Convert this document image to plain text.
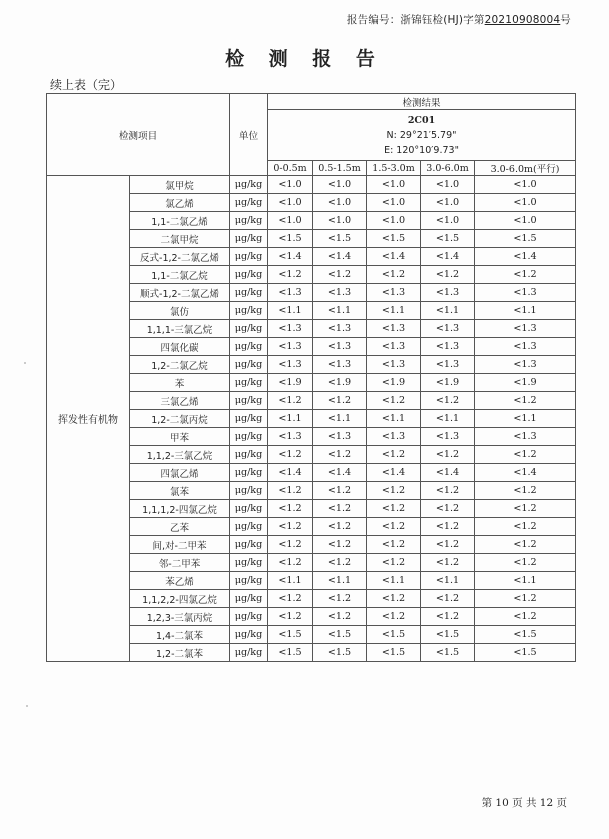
报告编号：浙锦钰检(HJ)字第20210908004号
检 测 报 告
续上表（完）
检测项目		单位	检测结果				
			2C01
N: 29°21′5.79"
E: 120°10′9.73"				
			0-0.5m	0.5-1.5m	1.5-3.0m	3.0-6.0m	3.0-6.0m(平行)
挥发性有机物	氯甲烷	μg/kg	<1.0	<1.0	<1.0	<1.0	<1.0
	氯乙烯	μg/kg	<1.0	<1.0	<1.0	<1.0	<1.0
	1,1-二氯乙烯	μg/kg	<1.0	<1.0	<1.0	<1.0	<1.0
	二氯甲烷	μg/kg	<1.5	<1.5	<1.5	<1.5	<1.5
	反式-1,2-二氯乙烯	μg/kg	<1.4	<1.4	<1.4	<1.4	<1.4
	1,1-二氯乙烷	μg/kg	<1.2	<1.2	<1.2	<1.2	<1.2
	顺式-1,2-二氯乙烯	μg/kg	<1.3	<1.3	<1.3	<1.3	<1.3
	氯仿	μg/kg	<1.1	<1.1	<1.1	<1.1	<1.1
	1,1,1-三氯乙烷	μg/kg	<1.3	<1.3	<1.3	<1.3	<1.3
	四氯化碳	μg/kg	<1.3	<1.3	<1.3	<1.3	<1.3
	1,2-二氯乙烷	μg/kg	<1.3	<1.3	<1.3	<1.3	<1.3
	苯	μg/kg	<1.9	<1.9	<1.9	<1.9	<1.9
	三氯乙烯	μg/kg	<1.2	<1.2	<1.2	<1.2	<1.2
	1,2-二氯丙烷	μg/kg	<1.1	<1.1	<1.1	<1.1	<1.1
	甲苯	μg/kg	<1.3	<1.3	<1.3	<1.3	<1.3
	1,1,2-三氯乙烷	μg/kg	<1.2	<1.2	<1.2	<1.2	<1.2
	四氯乙烯	μg/kg	<1.4	<1.4	<1.4	<1.4	<1.4
	氯苯	μg/kg	<1.2	<1.2	<1.2	<1.2	<1.2
	1,1,1,2-四氯乙烷	μg/kg	<1.2	<1.2	<1.2	<1.2	<1.2
	乙苯	μg/kg	<1.2	<1.2	<1.2	<1.2	<1.2
	间,对-二甲苯	μg/kg	<1.2	<1.2	<1.2	<1.2	<1.2
	邻-二甲苯	μg/kg	<1.2	<1.2	<1.2	<1.2	<1.2
	苯乙烯	μg/kg	<1.1	<1.1	<1.1	<1.1	<1.1
	1,1,2,2-四氯乙烷	μg/kg	<1.2	<1.2	<1.2	<1.2	<1.2
	1,2,3-三氯丙烷	μg/kg	<1.2	<1.2	<1.2	<1.2	<1.2
	1,4-二氯苯	μg/kg	<1.5	<1.5	<1.5	<1.5	<1.5
	1,2-二氯苯	μg/kg	<1.5	<1.5	<1.5	<1.5	<1.5
第 10 页 共 12 页
